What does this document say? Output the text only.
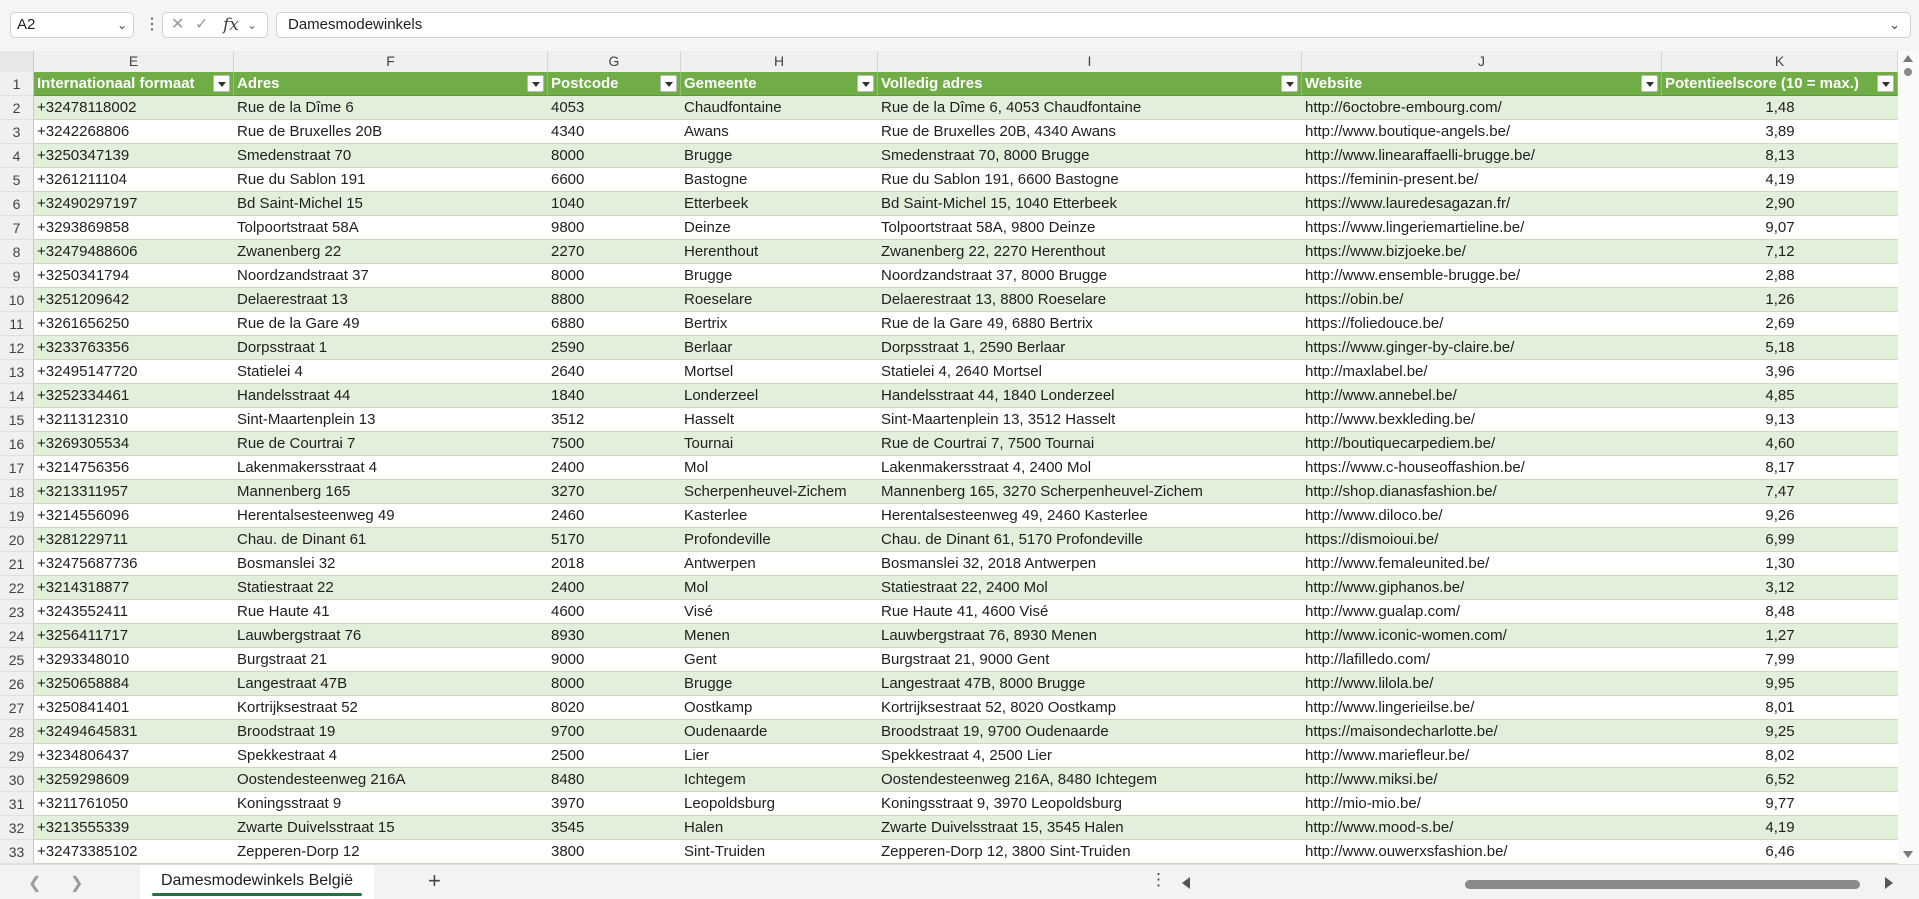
A2	⌄ ⋮ ✕ ✓ fx ⌄	Damesmodewinkels	⌄
E	F	G	H	I	J	K
1	Internationaal formaat	Adres	Postcode	Gemeente	Volledig adres	Website	Potentieelscore (10 = max.)
2	+32478118002	Rue de la Dîme 6	4053	Chaudfontaine	Rue de la Dîme 6, 4053 Chaudfontaine	http://6octobre-embourg.com/	1,48
3	+3242268806	Rue de Bruxelles 20B	4340	Awans	Rue de Bruxelles 20B, 4340 Awans	http://www.boutique-angels.be/	3,89
4	+3250347139	Smedenstraat 70	8000	Brugge	Smedenstraat 70, 8000 Brugge	http://www.linearaffaelli-brugge.be/	8,13
5	+3261211104	Rue du Sablon 191	6600	Bastogne	Rue du Sablon 191, 6600 Bastogne	https://feminin-present.be/	4,19
6	+32490297197	Bd Saint-Michel 15	1040	Etterbeek	Bd Saint-Michel 15, 1040 Etterbeek	https://www.lauredesagazan.fr/	2,90
7	+3293869858	Tolpoortstraat 58A	9800	Deinze	Tolpoortstraat 58A, 9800 Deinze	https://www.lingeriemartieline.be/	9,07
8	+32479488606	Zwanenberg 22	2270	Herenthout	Zwanenberg 22, 2270 Herenthout	https://www.bizjoeke.be/	7,12
9	+3250341794	Noordzandstraat 37	8000	Brugge	Noordzandstraat 37, 8000 Brugge	http://www.ensemble-brugge.be/	2,88
10 +3251209642	Delaerestraat 13	8800	Roeselare	Delaerestraat 13, 8800 Roeselare	https://obin.be/	1,26
11 +3261656250	Rue de la Gare 49	6880	Bertrix	Rue de la Gare 49, 6880 Bertrix	https://foliedouce.be/	2,69
12 +3233763356	Dorpsstraat 1	2590	Berlaar	Dorpsstraat 1, 2590 Berlaar	https://www.ginger-by-claire.be/	5,18
13 +32495147720	Statielei 4	2640	Mortsel	Statielei 4, 2640 Mortsel	http://maxlabel.be/	3,96
14 +3252334461	Handelsstraat 44	1840	Londerzeel	Handelsstraat 44, 1840 Londerzeel	http://www.annebel.be/	4,85
15 +3211312310	Sint-Maartenplein 13	3512	Hasselt	Sint-Maartenplein 13, 3512 Hasselt	http://www.bexkleding.be/	9,13
16 +3269305534	Rue de Courtrai 7	7500	Tournai	Rue de Courtrai 7, 7500 Tournai	http://boutiquecarpediem.be/	4,60
17 +3214756356	Lakenmakersstraat 4	2400	Mol	Lakenmakersstraat 4, 2400 Mol	https://www.c-houseoffashion.be/	8,17
18 +3213311957	Mannenberg 165	3270	Scherpenheuvel-Zichem	Mannenberg 165, 3270 Scherpenheuvel-Zichem	http://shop.dianasfashion.be/	7,47
19 +3214556096	Herentalsesteenweg 49	2460	Kasterlee	Herentalsesteenweg 49, 2460 Kasterlee	http://www.diloco.be/	9,26
20 +3281229711	Chau. de Dinant 61	5170	Profondeville	Chau. de Dinant 61, 5170 Profondeville	https://dismoioui.be/	6,99
21 +32475687736	Bosmanslei 32	2018	Antwerpen	Bosmanslei 32, 2018 Antwerpen	http://www.femaleunited.be/	1,30
22 +3214318877	Statiestraat 22	2400	Mol	Statiestraat 22, 2400 Mol	http://www.giphanos.be/	3,12
23 +3243552411	Rue Haute 41	4600	Visé	Rue Haute 41, 4600 Visé	http://www.gualap.com/	8,48
24 +3256411717	Lauwbergstraat 76	8930	Menen	Lauwbergstraat 76, 8930 Menen	http://www.iconic-women.com/	1,27
25 +3293348010	Burgstraat 21	9000	Gent	Burgstraat 21, 9000 Gent	http://lafilledo.com/	7,99
26 +3250658884	Langestraat 47B	8000	Brugge	Langestraat 47B, 8000 Brugge	http://www.lilola.be/	9,95
27 +3250841401	Kortrijksestraat 52	8020	Oostkamp	Kortrijksestraat 52, 8020 Oostkamp	http://www.lingerieilse.be/	8,01
28 +32494645831	Broodstraat 19	9700	Oudenaarde	Broodstraat 19, 9700 Oudenaarde	https://maisondecharlotte.be/	9,25
29 +3234806437	Spekkestraat 4	2500	Lier	Spekkestraat 4, 2500 Lier	http://www.mariefleur.be/	8,02
30 +3259298609	Oostendesteenweg 216A	8480	Ichtegem	Oostendesteenweg 216A, 8480 Ichtegem	http://www.miksi.be/	6,52
31 +3211761050	Koningsstraat 9	3970	Leopoldsburg	Koningsstraat 9, 3970 Leopoldsburg	http://mio-mio.be/	9,77
32 +3213555339	Zwarte Duivelsstraat 15	3545	Halen	Zwarte Duivelsstraat 15, 3545 Halen	http://www.mood-s.be/	4,19
33 +32473385102	Zepperen-Dorp 12	3800	Sint-Truiden	Zepperen-Dorp 12, 3800 Sint-Truiden	http://www.ouwerxsfashion.be/	6,46
❮ ❯	Damesmodewinkels België	+	⋮
